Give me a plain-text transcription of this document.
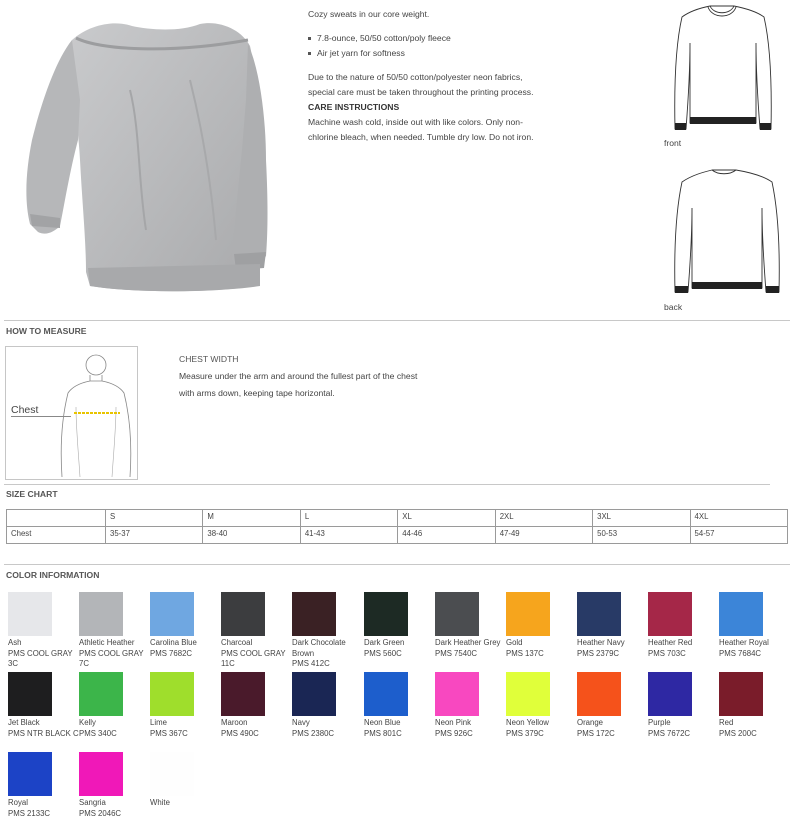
Cozy sweats in our core weight.

7.8-ounce, 50/50 cotton/poly fleece
Air jet yarn for softness

Due to the nature of 50/50 cotton/polyester neon fabrics,

special care must be taken throughout the printing process.

CARE INSTRUCTIONS

Machine wash cold, inside out with like colors. Only non-

chlorine bleach, when needed. Tumble dry low. Do not iron.

front
back
HOW TO MEASURE
Chest
CHEST WIDTH
Measure under the arm and around the fullest part of the chest
with arms down, keeping tape horizontal.
SIZE CHART
	S	M	L	XL	2XL	3XL	4XL
Chest	35-37	38-40	41-43	44-46	47-49	50-53	54-57
COLOR INFORMATION
Ash
PMS COOL GRAY 3C
Athletic Heather
PMS COOL GRAY 7C
Carolina Blue
PMS 7682C
Charcoal
PMS COOL GRAY 11C
Dark Chocolate Brown
PMS 412C
Dark Green
PMS 560C
Dark Heather Grey
PMS 7540C
Gold
PMS 137C
Heather Navy
PMS 2379C
Heather Red
PMS 703C
Heather Royal
PMS 7684C
Jet Black
PMS NTR BLACK C
Kelly
PMS 340C
Lime
PMS 367C
Maroon
PMS 490C
Navy
PMS 2380C
Neon Blue
PMS 801C
Neon Pink
PMS 926C
Neon Yellow
PMS 379C
Orange
PMS 172C
Purple
PMS 7672C
Red
PMS 200C
Royal
PMS 2133C
Sangria
PMS 2046C
White
